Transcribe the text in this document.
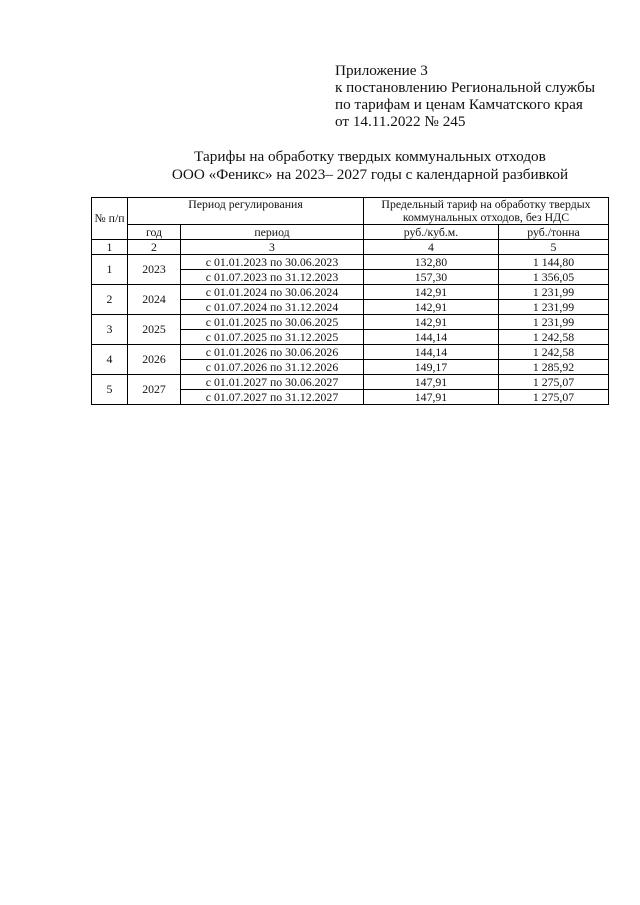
Приложение 3
к постановлению Региональной службы
по тарифам и ценам Камчатского края
от 14.11.2022 № 245
Тарифы на обработку твердых коммунальных отходов
ООО «Феникс» на 2023– 2027 годы с календарной разбивкой
№ п/п	Период регулирования		Предельный тариф на обработку твердых коммунальных отходов, без НДС	
	год	период	руб./куб.м.	руб./тонна
1	2	3	4	5
1	2023	с 01.01.2023 по 30.06.2023	132,80	1 144,80
		с 01.07.2023 по 31.12.2023	157,30	1 356,05
2	2024	с 01.01.2024 по 30.06.2024	142,91	1 231,99
		с 01.07.2024 по 31.12.2024	142,91	1 231,99
3	2025	с 01.01.2025 по 30.06.2025	142,91	1 231,99
		с 01.07.2025 по 31.12.2025	144,14	1 242,58
4	2026	с 01.01.2026 по 30.06.2026	144,14	1 242,58
		с 01.07.2026 по 31.12.2026	149,17	1 285,92
5	2027	с 01.01.2027 по 30.06.2027	147,91	1 275,07
		с 01.07.2027 по 31.12.2027	147,91	1 275,07
